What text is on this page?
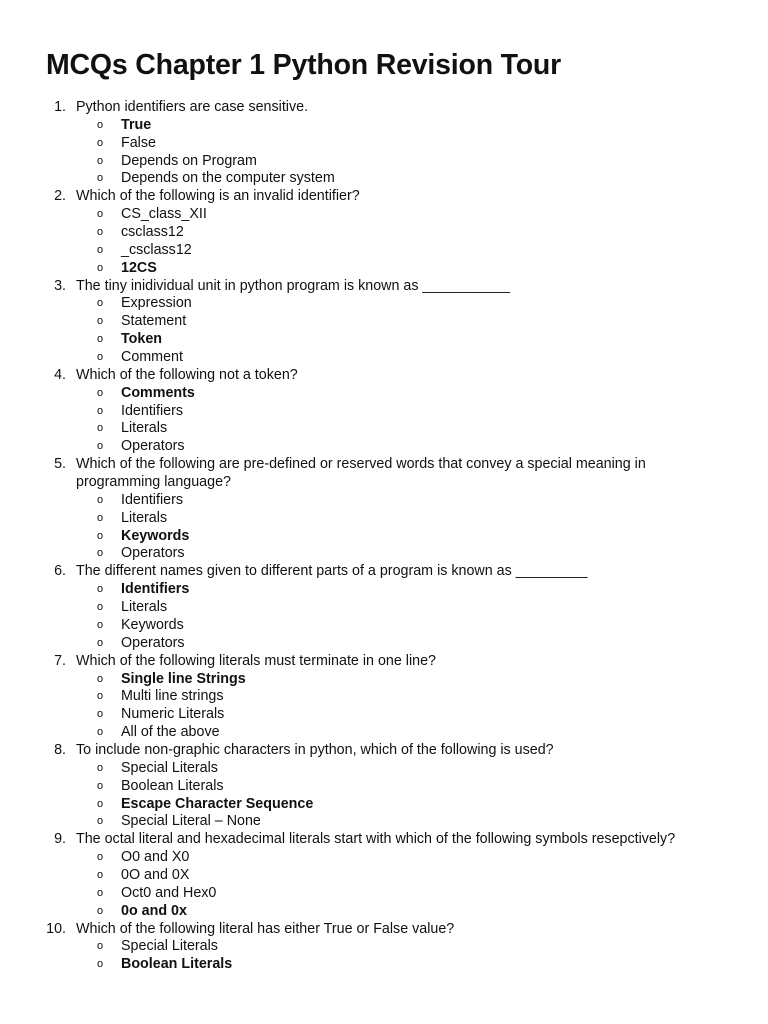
MCQs Chapter 1 Python Revision Tour
1. Python identifiers are case sensitive.
o True
o False
o Depends on Program
o Depends on the computer system
2. Which of the following is an invalid identifier?
o CS_class_XII
o csclass12
o _csclass12
o 12CS
3. The tiny inidividual unit in python program is known as ___________
o Expression
o Statement
o Token
o Comment
4. Which of the following not a token?
o Comments
o Identifiers
o Literals
o Operators
5. Which of the following are pre-defined or reserved words that convey a special meaning in
programming language?
o Identifiers
o Literals
o Keywords
o Operators
6. The different names given to different parts of a program is known as _________
o Identifiers
o Literals
o Keywords
o Operators
7. Which of the following literals must terminate in one line?
o Single line Strings
o Multi line strings
o Numeric Literals
o All of the above
8. To include non-graphic characters in python, which of the following is used?
o Special Literals
o Boolean Literals
o Escape Character Sequence
o Special Literal – None
9. The octal literal and hexadecimal literals start with which of the following symbols resepctively?
o O0 and X0
o 0O and 0X
o Oct0 and Hex0
o 0o and 0x
10. Which of the following literal has either True or False value?
o Special Literals
o Boolean Literals
